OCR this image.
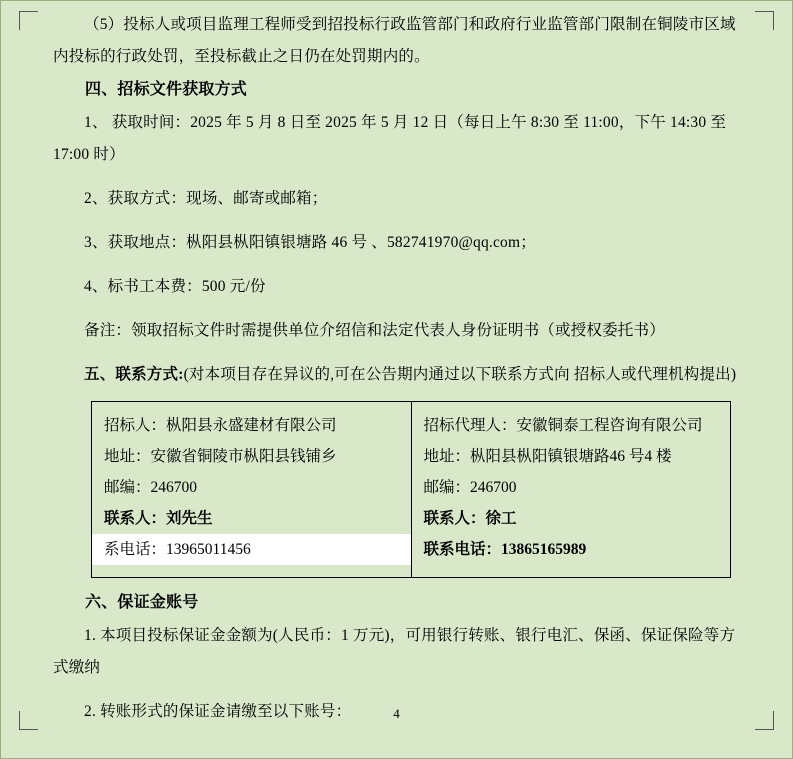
（5）投标人或项目监理工程师受到招投标行政监管部门和政府行业监管部门限制在铜陵市区域内投标的行政处罚，至投标截止之日仍在处罚期内的。

四、招标文件获取方式

1、 获取时间：2025 年 5 月 8 日至 2025 年 5 月 12 日（每日上午 8:30 至 11:00，下午 14:30 至 17:00 时）

2、获取方式：现场、邮寄或邮箱；

3、获取地点：枞阳县枞阳镇银塘路 46 号 、582741970@qq.com；

4、标书工本费：500 元/份

备注：领取招标文件时需提供单位介绍信和法定代表人身份证明书（或授权委托书）

五、联系方式:(对本项目存在异议的,可在公告期内通过以下联系方式向 招标人或代理机构提出)

招标人：枞阳县永盛建材有限公司
地址：安徽省铜陵市枞阳县钱铺乡
邮编：246700
联系人：刘先生
系电话：13965011456

招标代理人：安徽铜泰工程咨询有限公司
地址：枞阳县枞阳镇银塘路46 号4 楼
邮编：246700
联系人：徐工
联系电话：13865165989

六、保证金账号

1. 本项目投标保证金金额为(人民币：1 万元)，可用银行转账、银行电汇、保函、保证保险等方式缴纳

2. 转账形式的保证金请缴至以下账号：	4
